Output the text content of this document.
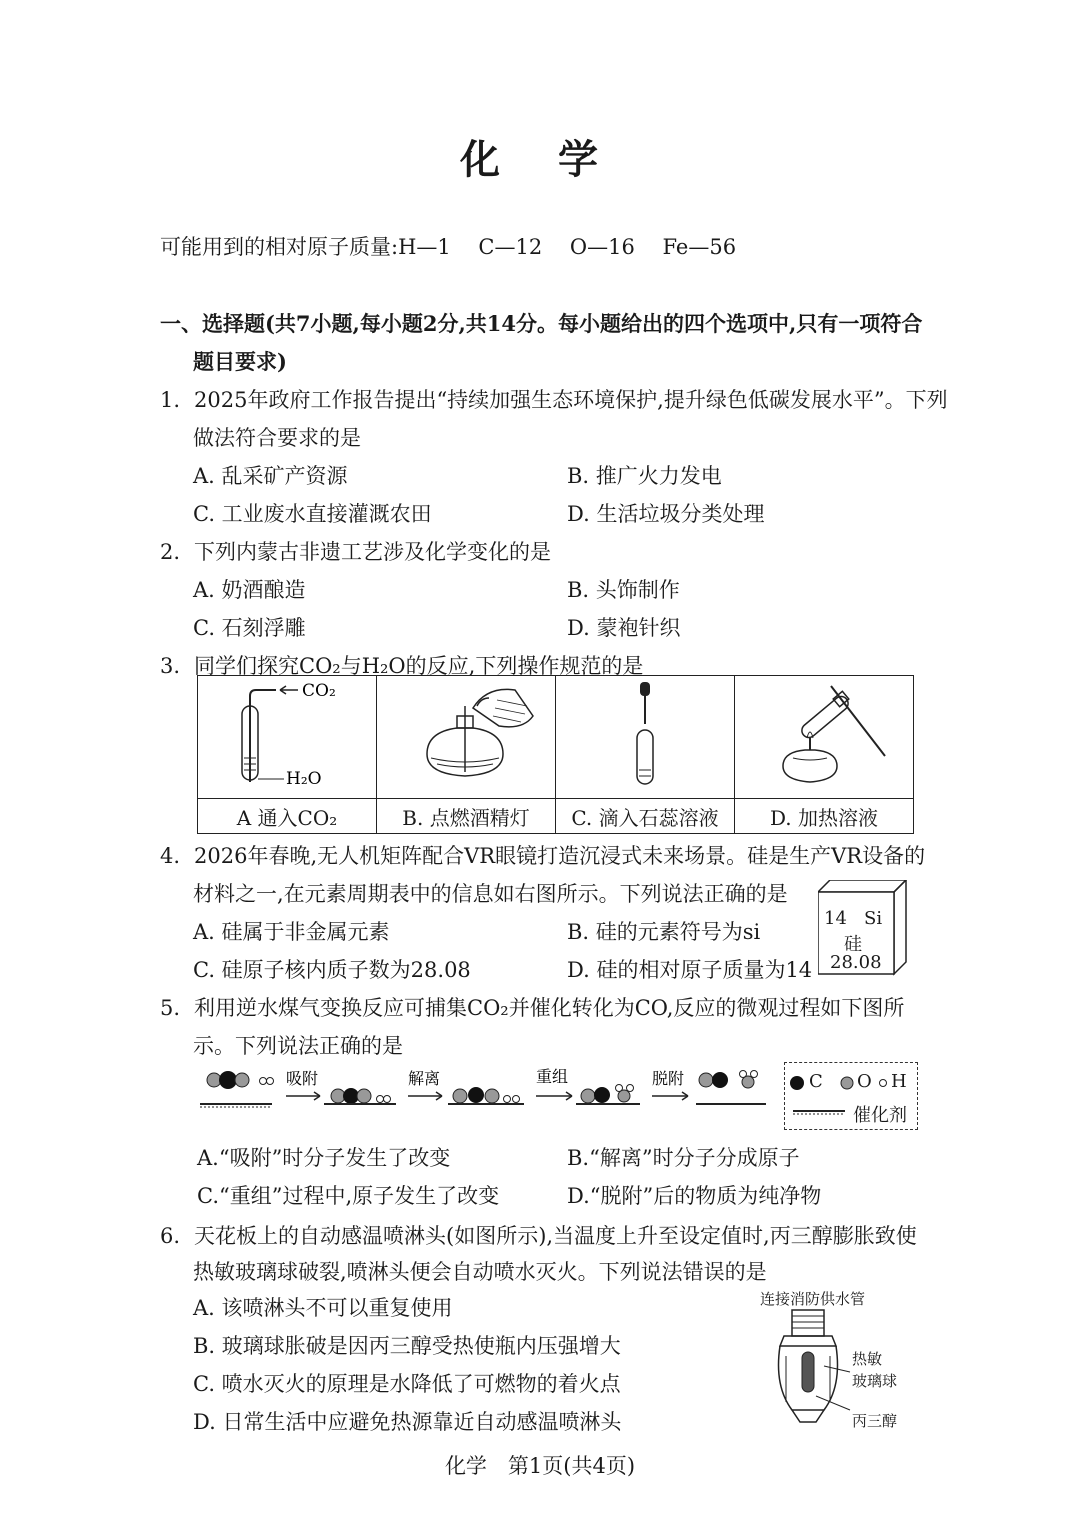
化 学
可能用到的相对原子质量:H—1　 C—12　 O—16　 Fe—56
一、选择题(共7小题,每小题2分,共14分。每小题给出的四个选项中,只有一项符合
题目要求)
1. 2025年政府工作报告提出“持续加强生态环境保护,提升绿色低碳发展水平”。下列
做法符合要求的是
A. 乱采矿产资源	B. 推广火力发电
C. 工业废水直接灌溉农田	D. 生活垃圾分类处理
2. 下列内蒙古非遗工艺涉及化学变化的是
A. 奶酒酿造	B. 头饰制作
C. 石刻浮雕	D. 蒙袍针织
3. 同学们探究CO₂与H₂O的反应,下列操作规范的是
CO₂
H₂O

A 通入CO₂	B. 点燃酒精灯	C. 滴入石蕊溶液	D. 加热溶液
4. 2026年春晚,无人机矩阵配合VR眼镜打造沉浸式未来场景。硅是生产VR设备的
材料之一,在元素周期表中的信息如右图所示。下列说法正确的是
A. 硅属于非金属元素	B. 硅的元素符号为si
C. 硅原子核内质子数为28.08	D. 硅的相对原子质量为14
14 Si
硅
28.08
5. 利用逆水煤气变换反应可捕集CO₂并催化转化为CO,反应的微观过程如下图所
示。下列说法正确的是
吸附	解离	重组	脱附	C O H
催化剂
A.“吸附”时分子发生了改变	B.“解离”时分子分成原子
C.“重组”过程中,原子发生了改变	D.“脱附”后的物质为纯净物
6. 天花板上的自动感温喷淋头(如图所示),当温度上升至设定值时,丙三醇膨胀致使
热敏玻璃球破裂,喷淋头便会自动喷水灭火。下列说法错误的是
A. 该喷淋头不可以重复使用
B. 玻璃球胀破是因丙三醇受热使瓶内压强增大
C. 喷水灭火的原理是水降低了可燃物的着火点
D. 日常生活中应避免热源靠近自动感温喷淋头
连接消防供水管
热敏
玻璃球
丙三醇
化学　第1页(共4页)
